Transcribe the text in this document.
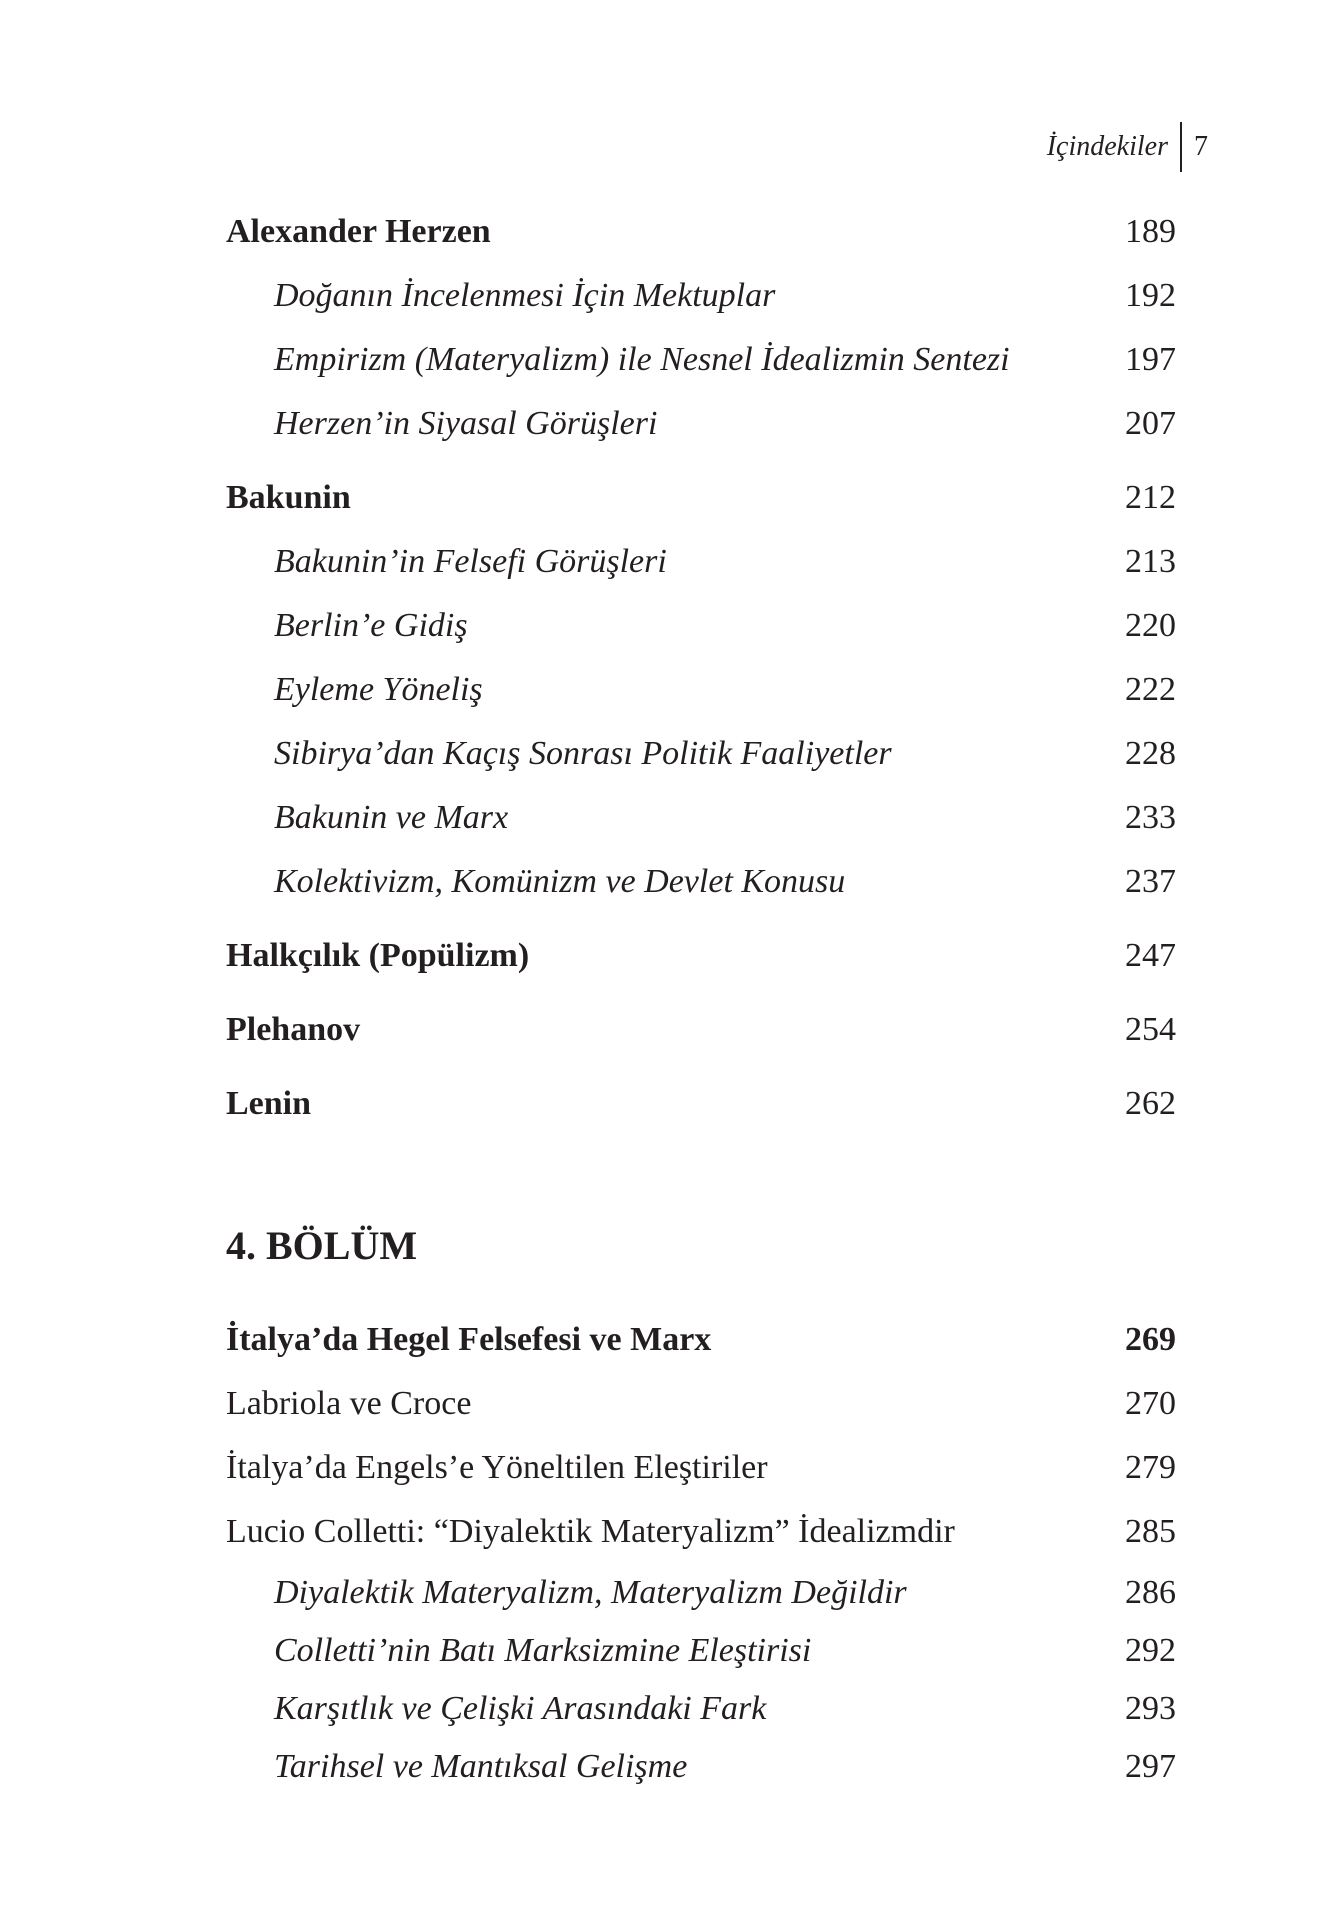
İçindekiler 7
Alexander Herzen	189
Doğanın İncelenmesi İçin Mektuplar	192
Empirizm (Materyalizm) ile Nesnel İdealizmin Sentezi	197
Herzen’in Siyasal Görüşleri	207
Bakunin	212
Bakunin’in Felsefi Görüşleri	213
Berlin’e Gidiş	220
Eyleme Yöneliş	222
Sibirya’dan Kaçış Sonrası Politik Faaliyetler	228
Bakunin ve Marx	233
Kolektivizm, Komünizm ve Devlet Konusu	237
Halkçılık (Popülizm)	247
Plehanov	254
Lenin	262
4. BÖLÜM
İtalya’da Hegel Felsefesi ve Marx	269
Labriola ve Croce	270
İtalya’da Engels’e Yöneltilen Eleştiriler	279
Lucio Colletti: “Diyalektik Materyalizm” İdealizmdir	285
Diyalektik Materyalizm, Materyalizm Değildir	286
Colletti’nin Batı Marksizmine Eleştirisi	292
Karşıtlık ve Çelişki Arasındaki Fark	293
Tarihsel ve Mantıksal Gelişme	297
